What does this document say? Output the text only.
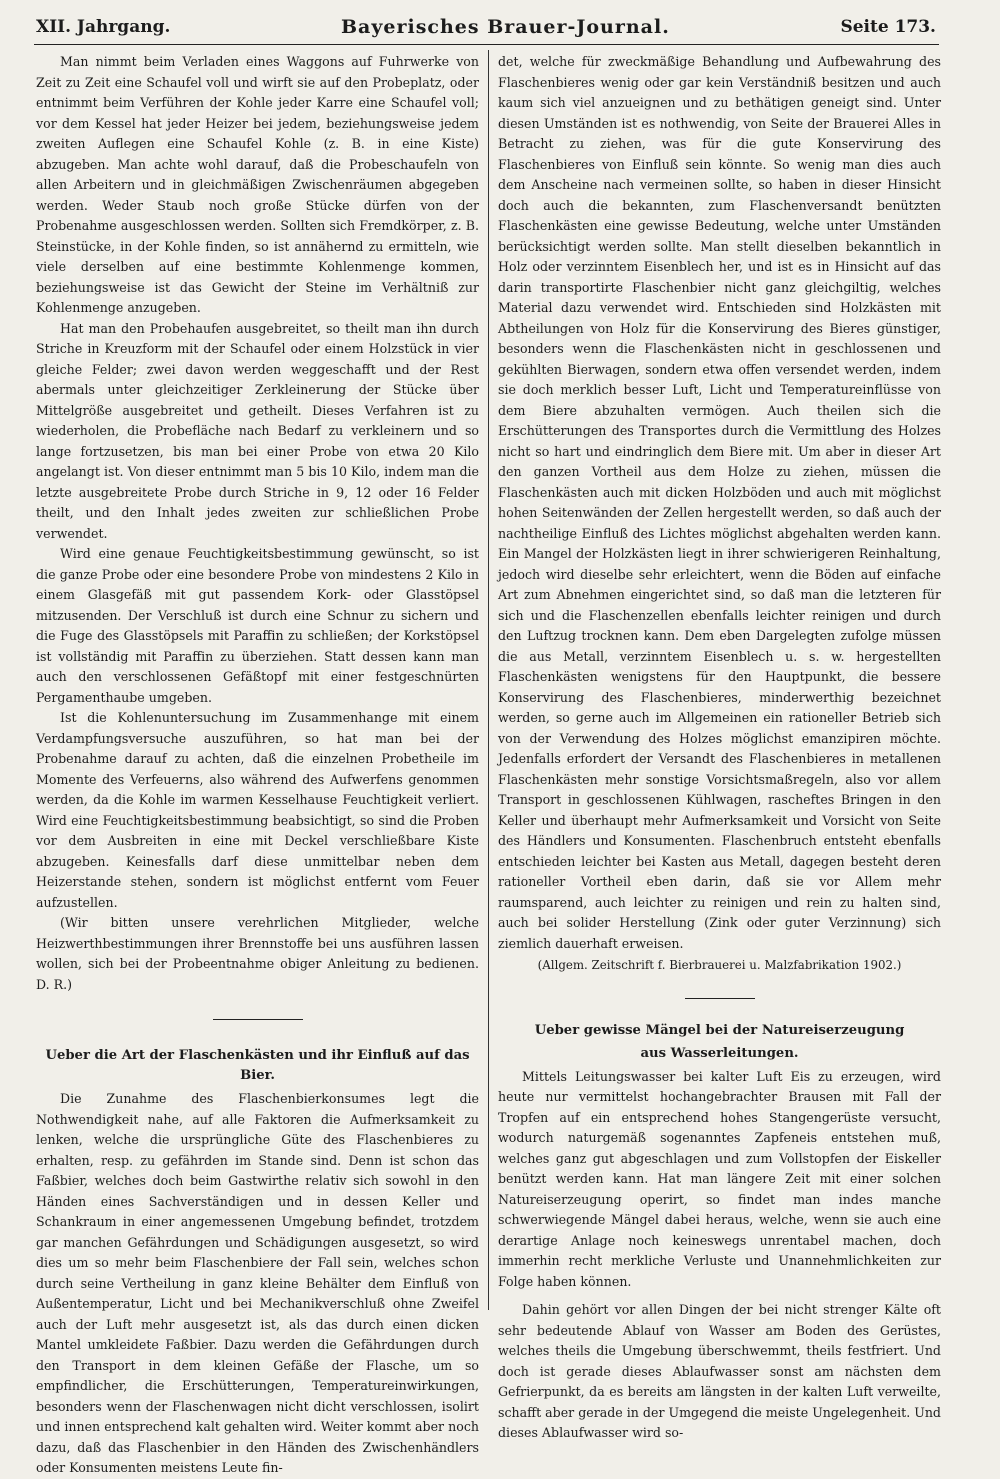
XII. Jahrgang.	Bayerisches Brauer-Journal.	Seite 173.

Man nimmt beim Verladen eines Waggons auf Fuhrwerke von Zeit zu Zeit eine Schaufel voll und wirft sie auf den Probeplatz, oder entnimmt beim Verführen der Kohle jeder Karre eine Schaufel voll; vor dem Kessel hat jeder Heizer bei jedem, beziehungsweise jedem zweiten Auflegen eine Schaufel Kohle (z. B. in eine Kiste) abzugeben. Man achte wohl darauf, daß die Probeschaufeln von allen Arbeitern und in gleichmäßigen Zwischenräumen abgegeben werden. Weder Staub noch große Stücke dürfen von der Probenahme ausgeschlossen werden. Sollten sich Fremdkörper, z. B. Steinstücke, in der Kohle finden, so ist annähernd zu ermitteln, wie viele derselben auf eine bestimmte Kohlenmenge kommen, beziehungsweise ist das Gewicht der Steine im Verhältniß zur Kohlenmenge anzugeben.

Hat man den Probehaufen ausgebreitet, so theilt man ihn durch Striche in Kreuzform mit der Schaufel oder einem Holzstück in vier gleiche Felder; zwei davon werden weggeschafft und der Rest abermals unter gleichzeitiger Zerkleinerung der Stücke über Mittelgröße ausgebreitet und getheilt. Dieses Verfahren ist zu wiederholen, die Probefläche nach Bedarf zu verkleinern und so lange fortzusetzen, bis man bei einer Probe von etwa 20 Kilo angelangt ist. Von dieser entnimmt man 5 bis 10 Kilo, indem man die letzte ausgebreitete Probe durch Striche in 9, 12 oder 16 Felder theilt, und den Inhalt jedes zweiten zur schließlichen Probe verwendet.

Wird eine genaue Feuchtigkeitsbestimmung gewünscht, so ist die ganze Probe oder eine besondere Probe von mindestens 2 Kilo in einem Glasgefäß mit gut passendem Kork- oder Glasstöpsel mitzusenden. Der Verschluß ist durch eine Schnur zu sichern und die Fuge des Glasstöpsels mit Paraffin zu schließen; der Korkstöpsel ist vollständig mit Paraffin zu überziehen. Statt dessen kann man auch den verschlossenen Gefäßtopf mit einer festgeschnürten Pergamenthaube umgeben.

Ist die Kohlenuntersuchung im Zusammenhange mit einem Verdampfungsversuche auszuführen, so hat man bei der Probenahme darauf zu achten, daß die einzelnen Probetheile im Momente des Verfeuerns, also während des Aufwerfens genommen werden, da die Kohle im warmen Kesselhause Feuchtigkeit verliert. Wird eine Feuchtigkeitsbestimmung beabsichtigt, so sind die Proben vor dem Ausbreiten in eine mit Deckel verschließbare Kiste abzugeben. Keinesfalls darf diese unmittelbar neben dem Heizerstande stehen, sondern ist möglichst entfernt vom Feuer aufzustellen.

(Wir bitten unsere verehrlichen Mitglieder, welche Heizwerthbestimmungen ihrer Brennstoffe bei uns ausführen lassen wollen, sich bei der Probeentnahme obiger Anleitung zu bedienen. D. R.)

Ueber die Art der Flaschenkästen und ihr Einfluß auf das Bier.

Die Zunahme des Flaschenbierkonsumes legt die Nothwendigkeit nahe, auf alle Faktoren die Aufmerksamkeit zu lenken, welche die ursprüngliche Güte des Flaschenbieres zu erhalten, resp. zu gefährden im Stande sind. Denn ist schon das Faßbier, welches doch beim Gastwirthe relativ sich sowohl in den Händen eines Sachverständigen und in dessen Keller und Schankraum in einer angemessenen Umgebung befindet, trotzdem gar manchen Gefährdungen und Schädigungen ausgesetzt, so wird dies um so mehr beim Flaschenbiere der Fall sein, welches schon durch seine Vertheilung in ganz kleine Behälter dem Einfluß von Außentemperatur, Licht und bei Mechanikverschluß ohne Zweifel auch der Luft mehr ausgesetzt ist, als das durch einen dicken Mantel umkleidete Faßbier. Dazu werden die Gefährdungen durch den Transport in dem kleinen Gefäße der Flasche, um so empfindlicher, die Erschütterungen, Temperatureinwirkungen, besonders wenn der Flaschenwagen nicht dicht verschlossen, isolirt und innen entsprechend kalt gehalten wird. Weiter kommt aber noch dazu, daß das Flaschenbier in den Händen des Zwischenhändlers oder Konsumenten meistens Leute fin-

det, welche für zweckmäßige Behandlung und Aufbewahrung des Flaschenbieres wenig oder gar kein Verständniß besitzen und auch kaum sich viel anzueignen und zu bethätigen geneigt sind. Unter diesen Umständen ist es nothwendig, von Seite der Brauerei Alles in Betracht zu ziehen, was für die gute Konservirung des Flaschenbieres von Einfluß sein könnte. So wenig man dies auch dem Anscheine nach vermeinen sollte, so haben in dieser Hinsicht doch auch die bekannten, zum Flaschenversandt benützten Flaschenkästen eine gewisse Bedeutung, welche unter Umständen berücksichtigt werden sollte. Man stellt dieselben bekanntlich in Holz oder verzinntem Eisenblech her, und ist es in Hinsicht auf das darin transportirte Flaschenbier nicht ganz gleichgiltig, welches Material dazu verwendet wird. Entschieden sind Holzkästen mit Abtheilungen von Holz für die Konservirung des Bieres günstiger, besonders wenn die Flaschenkästen nicht in geschlossenen und gekühlten Bierwagen, sondern etwa offen versendet werden, indem sie doch merklich besser Luft, Licht und Temperatureinflüsse von dem Biere abzuhalten vermögen. Auch theilen sich die Erschütterungen des Transportes durch die Vermittlung des Holzes nicht so hart und eindringlich dem Biere mit. Um aber in dieser Art den ganzen Vortheil aus dem Holze zu ziehen, müssen die Flaschenkästen auch mit dicken Holzböden und auch mit möglichst hohen Seitenwänden der Zellen hergestellt werden, so daß auch der nachtheilige Einfluß des Lichtes möglichst abgehalten werden kann. Ein Mangel der Holzkästen liegt in ihrer schwierigeren Reinhaltung, jedoch wird dieselbe sehr erleichtert, wenn die Böden auf einfache Art zum Abnehmen eingerichtet sind, so daß man die letzteren für sich und die Flaschenzellen ebenfalls leichter reinigen und durch den Luftzug trocknen kann. Dem eben Dargelegten zufolge müssen die aus Metall, verzinntem Eisenblech u. s. w. hergestellten Flaschenkästen wenigstens für den Hauptpunkt, die bessere Konservirung des Flaschenbieres, minderwerthig bezeichnet werden, so gerne auch im Allgemeinen ein rationeller Betrieb sich von der Verwendung des Holzes möglichst emanzipiren möchte. Jedenfalls erfordert der Versandt des Flaschenbieres in metallenen Flaschenkästen mehr sonstige Vorsichtsmaßregeln, also vor allem Transport in geschlossenen Kühlwagen, rascheftes Bringen in den Keller und überhaupt mehr Aufmerksamkeit und Vorsicht von Seite des Händlers und Konsumenten. Flaschenbruch entsteht ebenfalls entschieden leichter bei Kasten aus Metall, dagegen besteht deren rationeller Vortheil eben darin, daß sie vor Allem mehr raumsparend, auch leichter zu reinigen und rein zu halten sind, auch bei solider Herstellung (Zink oder guter Verzinnung) sich ziemlich dauerhaft erweisen.

(Allgem. Zeitschrift f. Bierbrauerei u. Malzfabrikation 1902.)
Ueber gewisse Mängel bei der Natureiserzeugung
aus Wasserleitungen.

Mittels Leitungswasser bei kalter Luft Eis zu erzeugen, wird heute nur vermittelst hochangebrachter Brausen mit Fall der Tropfen auf ein entsprechend hohes Stangengerüste versucht, wodurch naturgemäß sogenanntes Zapfeneis entstehen muß, welches ganz gut abgeschlagen und zum Vollstopfen der Eiskeller benützt werden kann. Hat man längere Zeit mit einer solchen Natureiserzeugung operirt, so findet man indes manche schwerwiegende Mängel dabei heraus, welche, wenn sie auch eine derartige Anlage noch keineswegs unrentabel machen, doch immerhin recht merkliche Verluste und Unannehmlichkeiten zur Folge haben können.

Dahin gehört vor allen Dingen der bei nicht strenger Kälte oft sehr bedeutende Ablauf von Wasser am Boden des Gerüstes, welches theils die Umgebung überschwemmt, theils festfriert. Und doch ist gerade dieses Ablaufwasser sonst am nächsten dem Gefrierpunkt, da es bereits am längsten in der kalten Luft verweilte, schafft aber gerade in der Umgegend die meiste Ungelegenheit. Und dieses Ablaufwasser wird so-
